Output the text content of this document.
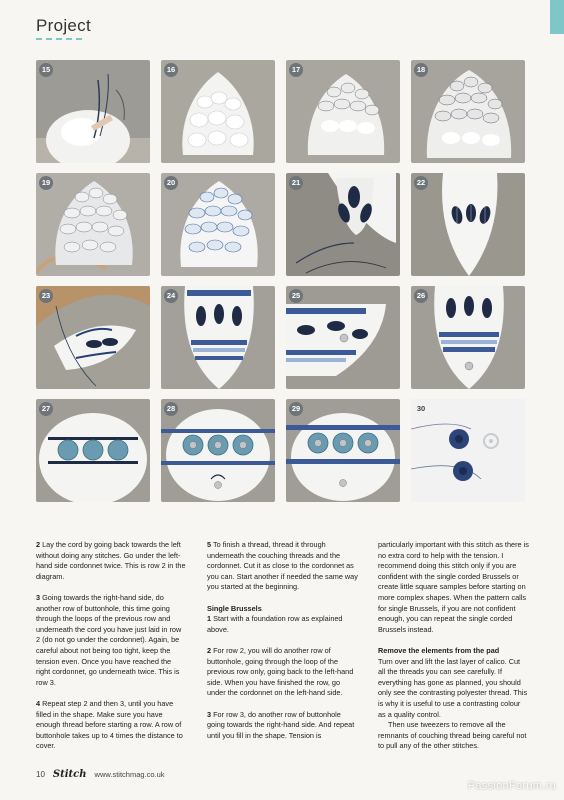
Project
15	16	17	18
19	20	21	22
23	24	25	26
27	28	29	30

2 Lay the cord by going back towards the left without doing any stitches. Go under the left-hand side cordonnet twice. This is row 2 in the diagram.

3 Going towards the right-hand side, do another row of buttonhole, this time going through the loops of the previous row and underneath the cord you have just laid in row 2 (do not go under the cordonnet). Again, be careful about not being too tight, keep the tension even. Once you have reached the right cordonnet, go underneath twice. This is row 3.

4 Repeat step 2 and then 3, until you have filled in the shape. Make sure you have enough thread before starting a row. A row of buttonhole takes up to 4 times the distance to cover.

5 To finish a thread, thread it through underneath the couching threads and the cordonnet. Cut it as close to the cordonnet as you can. Start another if needed the same way you started at the beginning.

Single Brussels

1 Start with a foundation row as explained above.

2 For row 2, you will do another row of buttonhole, going through the loop of the previous row only, going back to the left-hand side. When you have finished the row, go under the cordonnet on the left-hand side.

3 For row 3, do another row of buttonhole going towards the right-hand side. And repeat until you fill in the shape. Tension is

particularly important with this stitch as there is no extra cord to help with the tension. I recommend doing this stitch only if you are confident with the single corded Brussels or create little square samples before starting on more complex shapes. When the pattern calls for single Brussels, if you are not confident enough, you can repeat the single corded Brussels instead.

Remove the elements from the pad

Turn over and lift the last layer of calico. Cut all the threads you can see carefully. If everything has gone as planned, you should only see the contrasting polyester thread. This is why it is useful to use a contrasting colour as a quality control.

Then use tweezers to remove all the remnants of couching thread being careful not to pull any of the other stitches.

10 Stitch www.stitchmag.co.uk
PassionForum.ru
